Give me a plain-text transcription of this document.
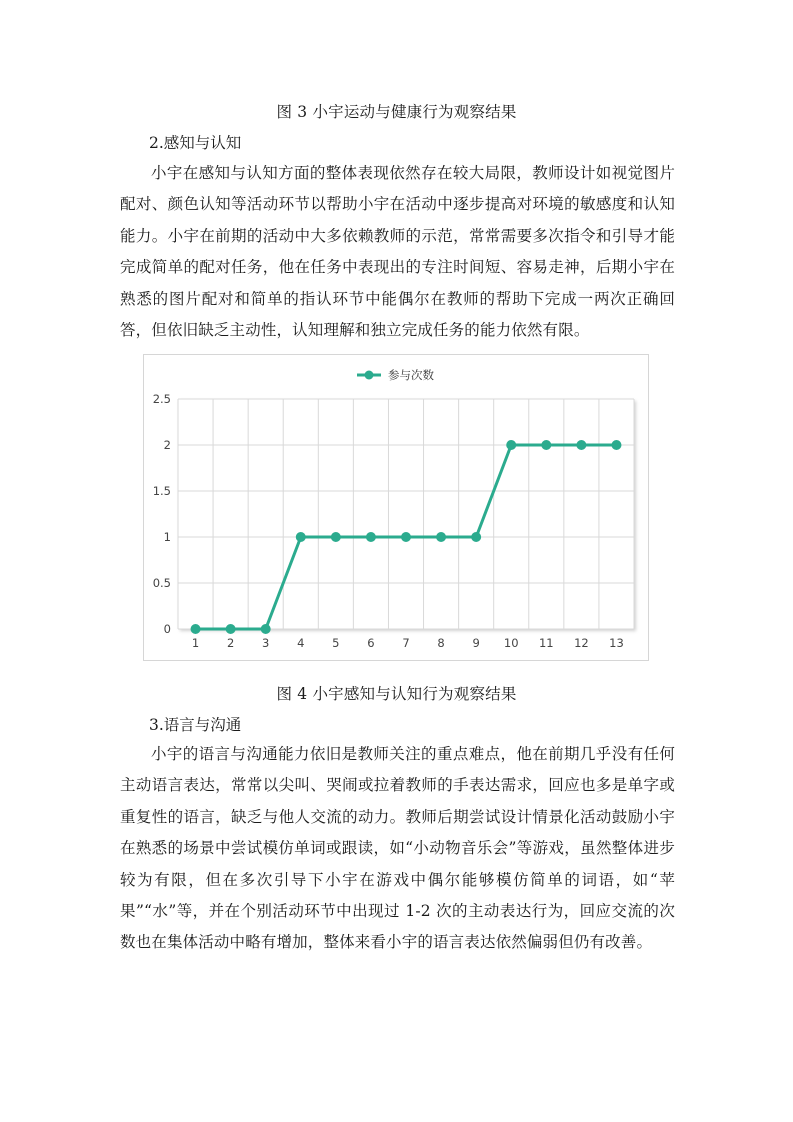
图 3 小宇运动与健康行为观察结果
2.感知与认知
小宇在感知与认知方面的整体表现依然存在较大局限，教师设计如视觉图片配对、颜色认知等活动环节以帮助小宇在活动中逐步提高对环境的敏感度和认知能力。小宇在前期的活动中大多依赖教师的示范，常常需要多次指令和引导才能完成简单的配对任务，他在任务中表现出的专注时间短、容易走神，后期小宇在熟悉的图片配对和简单的指认环节中能偶尔在教师的帮助下完成一两次正确回答，但依旧缺乏主动性，认知理解和独立完成任务的能力依然有限。
0
0.5
1
1.5
2
2.5
1 2 3 4 5 6 7 8 9 10 11 12 13
参与次数
图 4 小宇感知与认知行为观察结果
3.语言与沟通
小宇的语言与沟通能力依旧是教师关注的重点难点，他在前期几乎没有任何主动语言表达，常常以尖叫、哭闹或拉着教师的手表达需求，回应也多是单字或重复性的语言，缺乏与他人交流的动力。教师后期尝试设计情景化活动鼓励小宇在熟悉的场景中尝试模仿单词或跟读，如“小动物音乐会”等游戏，虽然整体进步较为有限，但在多次引导下小宇在游戏中偶尔能够模仿简单的词语，如“苹果”“水”等，并在个别活动环节中出现过 1-2 次的主动表达行为，回应交流的次数也在集体活动中略有增加，整体来看小宇的语言表达依然偏弱但仍有改善。
